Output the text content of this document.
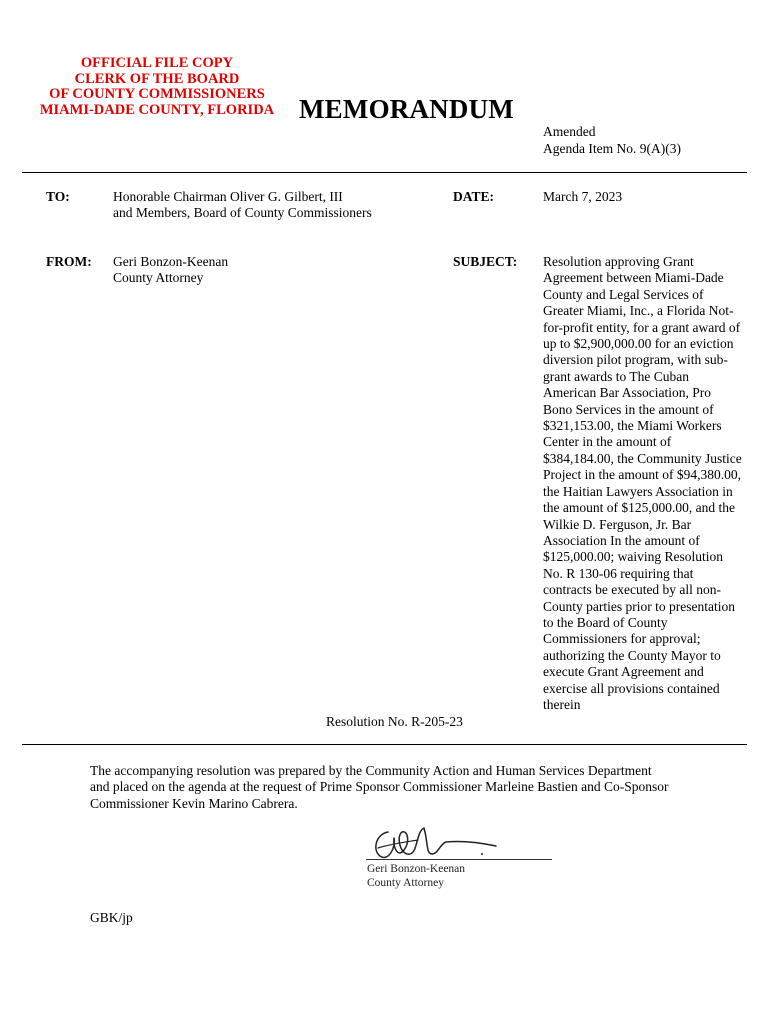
OFFICIAL FILE COPY
CLERK OF THE BOARD
OF COUNTY COMMISSIONERS
MIAMI-DADE COUNTY, FLORIDA MEMORANDUM
Amended
Agenda Item No. 9(A)(3)
TO:	Honorable Chairman Oliver G. Gilbert, III
and Members, Board of County Commissioners
DATE:	March 7, 2023
FROM: Geri Bonzon-Keenan
County Attorney
SUBJECT: Resolution approving Grant
Agreement between Miami-Dade
County and Legal Services of
Greater Miami, Inc., a Florida Not-
for-profit entity, for a grant award of
up to $2,900,000.00 for an eviction
diversion pilot program, with sub-
grant awards to The Cuban
American Bar Association, Pro
Bono Services in the amount of
$321,153.00, the Miami Workers
Center in the amount of
$384,184.00, the Community Justice
Project in the amount of $94,380.00,
the Haitian Lawyers Association in
the amount of $125,000.00, and the
Wilkie D. Ferguson, Jr. Bar
Association In the amount of
$125,000.00; waiving Resolution
No. R 130-06 requiring that
contracts be executed by all non-
County parties prior to presentation
to the Board of County
Commissioners for approval;
authorizing the County Mayor to
execute Grant Agreement and
exercise all provisions contained
therein
Resolution No. R-205-23
The accompanying resolution was prepared by the Community Action and Human Services Department
and placed on the agenda at the request of Prime Sponsor Commissioner Marleine Bastien and Co-Sponsor
Commissioner Kevin Marino Cabrera.
Geri Bonzon-Keenan
County Attorney
GBK/jp
